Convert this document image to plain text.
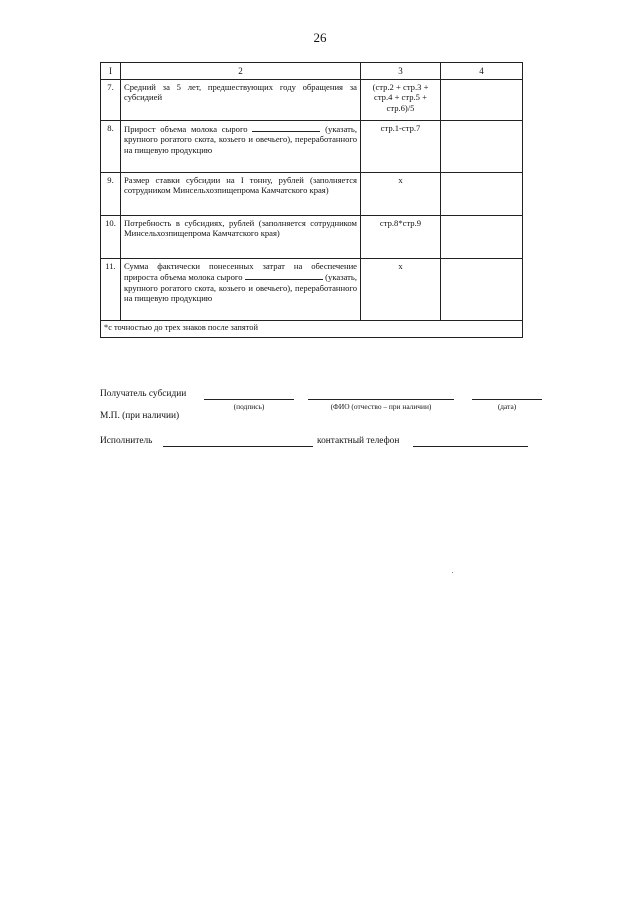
26
I	2	3	4
7.	Средний за 5 лет, предшествующих году обращения за субсидией	(стр.2 + стр.3 + стр.4 + стр.5 + стр.6)/5	
8.	Прирост объема молока сырого (указать, крупного рогатого скота, козьего и овечьего), переработанного на пищевую продукцию	стр.1-стр.7	
9.	Размер ставки субсидии на I тонну, рублей (заполняется сотрудником Минсельхозпищепрома Камчатского края)	х	
10.	Потребность в субсидиях, рублей (заполняется сотрудником Минсельхозпищепрома Камчатского края)	стр.8*стр.9	
11.	Сумма фактически понесенных затрат на обеспечение прироста объема молока сырого (указать, крупного рогатого скота, козьего и овечьего), переработанного на пищевую продукцию	х	
*с точностью до трех знаков после запятой			
Получатель субсидии
(подпись)	(ФИО (отчество – при наличии)	(дата)
М.П. (при наличии)
Исполнитель	контактный телефон
